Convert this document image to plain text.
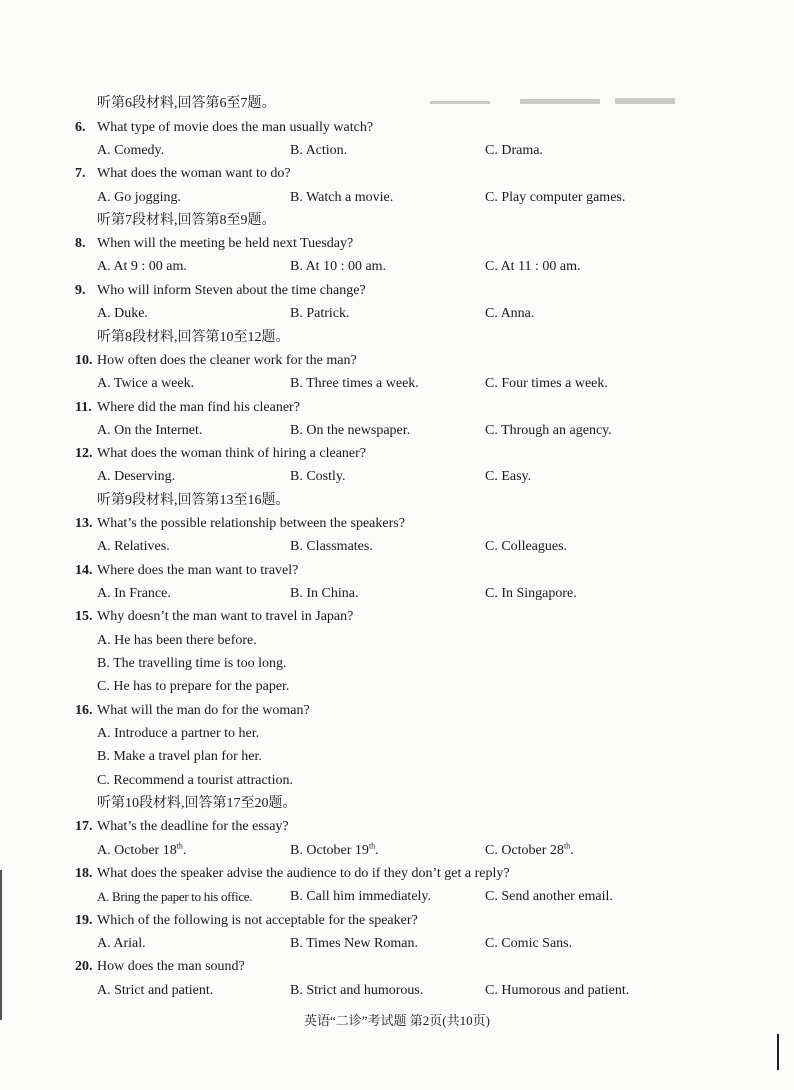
听第6段材料,回答第6至7题。
6. What type of movie does the man usually watch?
A. Comedy.	B. Action.	C. Drama.
7. What does the woman want to do?
A. Go jogging.	B. Watch a movie.	C. Play computer games.
听第7段材料,回答第8至9题。
8. When will the meeting be held next Tuesday?
A. At 9 : 00 am.	B. At 10 : 00 am.	C. At 11 : 00 am.
9. Who will inform Steven about the time change?
A. Duke.	B. Patrick.	C. Anna.
听第8段材料,回答第10至12题。
10. How often does the cleaner work for the man?
A. Twice a week.	B. Three times a week.	C. Four times a week.
11. Where did the man find his cleaner?
A. On the Internet.	B. On the newspaper.	C. Through an agency.
12. What does the woman think of hiring a cleaner?
A. Deserving.	B. Costly.	C. Easy.
听第9段材料,回答第13至16题。
13. What’s the possible relationship between the speakers?
A. Relatives.	B. Classmates.	C. Colleagues.
14. Where does the man want to travel?
A. In France.	B. In China.	C. In Singapore.
15. Why doesn’t the man want to travel in Japan?
A. He has been there before.
B. The travelling time is too long.
C. He has to prepare for the paper.
16. What will the man do for the woman?
A. Introduce a partner to her.
B. Make a travel plan for her.
C. Recommend a tourist attraction.
听第10段材料,回答第17至20题。
17. What’s the deadline for the essay?
A. October 18th.	B. October 19th.	C. October 28th.
18. What does the speaker advise the audience to do if they don’t get a reply?
A. Bring the paper to his office.	B. Call him immediately.	C. Send another email.
19. Which of the following is not acceptable for the speaker?
A. Arial.	B. Times New Roman.	C. Comic Sans.
20. How does the man sound?
A. Strict and patient.	B. Strict and humorous.	C. Humorous and patient.
英语“二诊”考试题 第2页(共10页)
